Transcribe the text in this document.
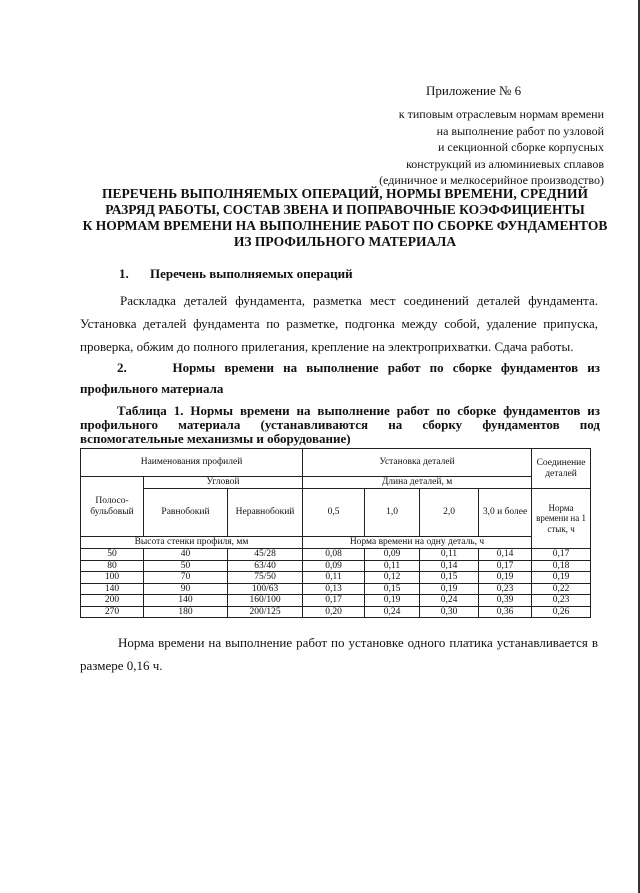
Приложение № 6
к типовым отраслевым нормам времени
на выполнение работ по узловой
и секционной сборке корпусных
конструкций из алюминиевых сплавов
(единичное и мелкосерийное производство)
ПЕРЕЧЕНЬ ВЫПОЛНЯЕМЫХ ОПЕРАЦИЙ, НОРМЫ ВРЕМЕНИ, СРЕДНИЙ
РАЗРЯД РАБОТЫ, СОСТАВ ЗВЕНА И ПОПРАВОЧНЫЕ КОЭФФИЦИЕНТЫ
К НОРМАМ ВРЕМЕНИ НА ВЫПОЛНЕНИЕ РАБОТ ПО СБОРКЕ ФУНДАМЕНТОВ
ИЗ ПРОФИЛЬНОГО МАТЕРИАЛА
1. Перечень выполняемых операций
Раскладка деталей фундамента, разметка мест соединений деталей фундамента. Установка деталей фундамента по разметке, подгонка между собой, удаление припуска, проверка, обжим до полного прилегания, крепление на электроприхватки. Сдача работы.
2.	Нормы времени на выполнение работ по сборке фундаментов из профильного материала
Таблица 1. Нормы времени на выполнение работ по сборке фундаментов из профильного материала (устанавливаются на сборку фундаментов под вспомогательные механизмы и оборудование)
Наименования профилей			Установка деталей				Соединение деталей
Полосо-бульбовый	Угловой		Длина деталей, м				
	Равнобокий	Неравнобокий	0,5	1,0	2,0	3,0 и более	Норма времени на 1 стык, ч

Высота стенки профиля, мм			Норма времени на одну деталь, ч				
50	40	45/28	0,08	0,09	0,11	0,14	0,17
80	50	63/40	0,09	0,11	0,14	0,17	0,18
100	70	75/50	0,11	0,12	0,15	0,19	0,19
140	90	100/63	0,13	0,15	0,19	0,23	0,22
200	140	160/100	0,17	0,19	0,24	0,39	0,23
270	180	200/125	0,20	0,24	0,30	0,36	0,26
Норма времени на выполнение работ по установке одного платика устанавливается в размере 0,16 ч.
